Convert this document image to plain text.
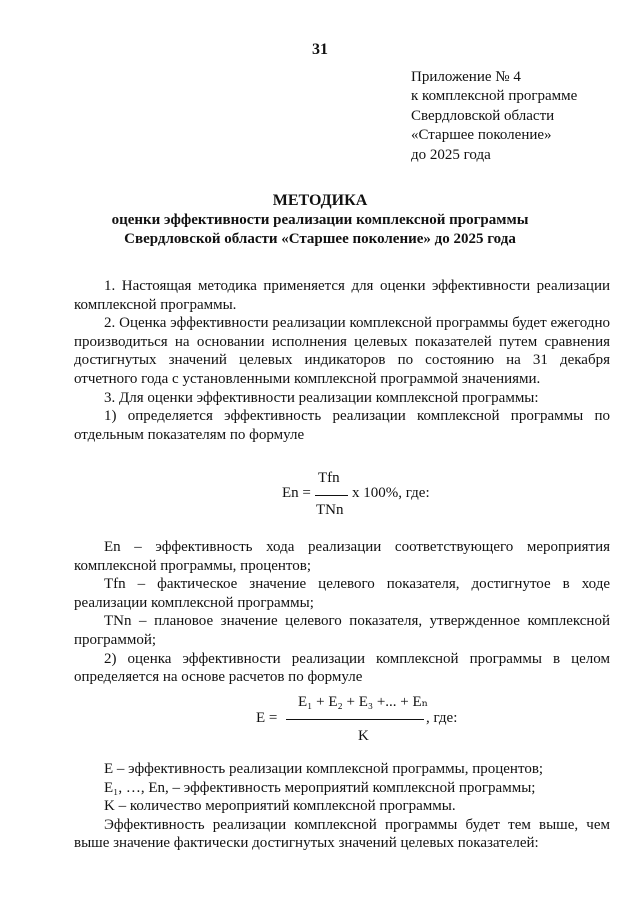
31
Приложение № 4
к комплексной программе
Свердловской области
«Старшее поколение»
до 2025 года
МЕТОДИКА
оценки эффективности реализации комплексной программы
Свердловской области «Старшее поколение» до 2025 года

1. Настоящая методика применяется для оценки эффективности реализации комплексной программы.

2. Оценка эффективности реализации комплексной программы будет ежегодно производиться на основании исполнения целевых показателей путем сравнения достигнутых значений целевых индикаторов по состоянию на 31 декабря отчетного года с установленными комплексной программой значениями.

3. Для оценки эффективности реализации комплексной программы:

1) определяется эффективность реализации комплексной программы по отдельным показателям по формуле

Tfn
En =	x 100%, где:
TNn

En – эффективность хода реализации соответствующего мероприятия комплексной программы, процентов;

Tfn – фактическое значение целевого показателя, достигнутое в ходе реализации комплексной программы;

TNn – плановое значение целевого показателя, утвержденное комплексной программой;

2) оценка эффективности реализации комплексной программы в целом определяется на основе расчетов по формуле

E₁ + E₂ + E₃ +... + Eₙ
E =	, где:
K

E – эффективность реализации комплексной программы, процентов;

E₁, …, En, – эффективность мероприятий комплексной программы;

K – количество мероприятий комплексной программы.

Эффективность реализации комплексной программы будет тем выше, чем выше значение фактически достигнутых значений целевых показателей:
